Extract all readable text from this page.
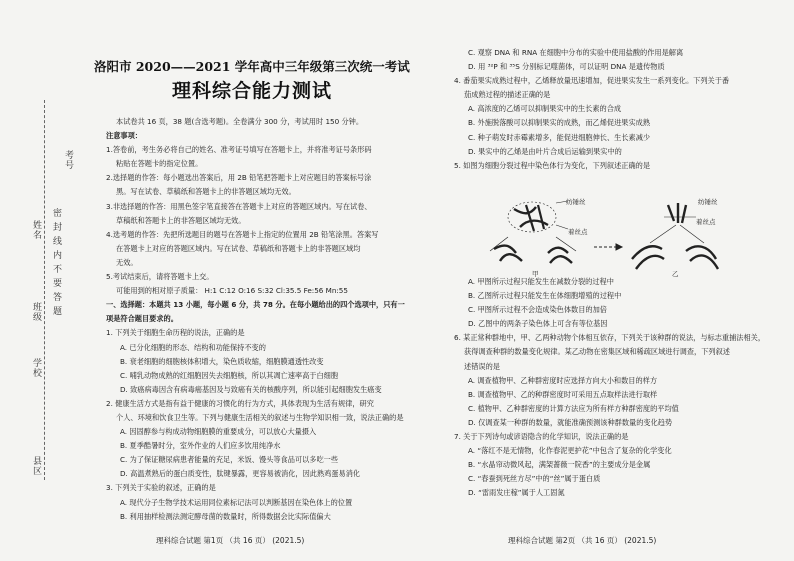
考号
姓名
班级
学校
县区
密封线内不要答题
洛阳市 2020——2021 学年高中三年级第三次统一考试
理科综合能力测试
本试卷共 16 页，38 题(含选考题)。全卷满分 300 分，考试用时 150 分钟。
注意事项：
1.答卷前，考生务必将自己的姓名、准考证号填写在答题卡上，并将准考证号条形码
粘贴在答题卡的指定位置。
2.选择题的作答：每小题选出答案后，用 2B 铅笔把答题卡上对应题目的答案标号涂
黑。写在试卷、草稿纸和答题卡上的非答题区域均无效。
3.非选择题的作答：用黑色签字笔直接答在答题卡上对应的答题区域内。写在试卷、
草稿纸和答题卡上的非答题区域均无效。
4.选考题的作答：先把所选题目的题号在答题卡上指定的位置用 2B 铅笔涂黑。答案写
在答题卡上对应的答题区域内。写在试卷、草稿纸和答题卡上的非答题区域均
无效。
5.考试结束后，请将答题卡上交。
可能用到的相对原子质量： H:1 C:12 O:16 S:32 Cl:35.5 Fe:56 Mn:55
一、选择题：本题共 13 小题，每小题 6 分，共 78 分。在每小题给出的四个选项中，只有一
项是符合题目要求的。
1. 下列关于细胞生命历程的说法，正确的是
A. 已分化细胞的形态、结构和功能保持不变的
B. 衰老细胞的细胞核体积增大，染色质收缩，细胞膜通透性改变
C. 哺乳动物成熟的红细胞因失去细胞核，所以其凋亡速率高于白细胞
D. 致癌病毒因含有病毒癌基因及与致癌有关的核酸序列，所以能引起细胞发生癌变
2. 健康生活方式是指有益于健康的习惯化的行为方式，具体表现为生活有规律，研究
个人、环境和饮食卫生等。下列与健康生活相关的叙述与生物学知识相一致，说法正确的是
A. 因固醇参与构成动物细胞膜的重要成分，可以放心大量摄入
B. 夏季酷暑时分，室外作业的人们应多饮用纯净水
C. 为了保证糖尿病患者能量的充足，米饭、馒头等食品可以多吃一些
D. 高温煮熟后的蛋白质变性，肽键暴露，更容易被消化，因此熟鸡蛋易消化
3. 下列关于实验的叙述，正确的是
A. 现代分子生物学技术运用同位素标记法可以判断基因在染色体上的位置
B. 利用抽样检测法测定酵母菌的数量时，所得数据会比实际值偏大
理科综合试题 第1页 （共 16 页） (2021.5)
C. 观察 DNA 和 RNA 在细胞中分布的实验中使用盐酸的作用是解离
D. 用 ³²P 和 ³⁵S 分别标记噬菌体，可以证明 DNA 是遗传物质
4. 番茄果实成熟过程中，乙烯释放量迅速增加，促进果实发生一系列变化。下列关于番
茄成熟过程的描述正确的是
A. 高浓度的乙烯可以抑制果实中的生长素的合成
B. 外施脱落酸可以抑制果实的成熟，而乙烯促进果实成熟
C. 种子萌发时赤霉素增多，能促进细胞伸长、生长素减少
D. 果实中的乙烯是由叶片合成后运输到果实中的
5. 如图为细胞分裂过程中染色体行为变化，下列叙述正确的是
纺锤丝
着丝点
纺锤丝
着丝点
甲	乙
A. 甲图所示过程只能发生在减数分裂的过程中
B. 乙图所示过程只能发生在体细胞增殖的过程中
C. 甲图所示过程不会造成染色体数目的加倍
D. 乙图中的两条子染色体上可含有等位基因
6. 某正常种群地中，甲、乙两种动物个体相互依存，下列关于该种群的说法，与标志重捕法相关，
获得调查种群的数量变化规律。某乙动物在密集区域和稀疏区域进行调查，下列叙述
述错误的是
A. 调查植物甲、乙种群密度时应选择方向大小和数目的样方
B. 调查植物甲、乙的种群密度时可采用五点取样法进行取样
C. 植物甲、乙种群密度的计算方法应为所有样方种群密度的平均值
D. 仅调查某一种群的数量，就能准确预测该种群数量的变化趋势
7. 关于下列诗句或谚语隐含的化学知识，说法正确的是
A. “落红不是无情物，化作春泥更护花”中包含了复杂的化学变化
B. “水晶帘动微风起，满架蔷薇一院香”的主要成分是金属
C. “春蚕到死丝方尽”中的“丝”属于蛋白质
D. “雷雨发庄稼”属于人工固氮
理科综合试题 第2页 （共 16 页） (2021.5)
